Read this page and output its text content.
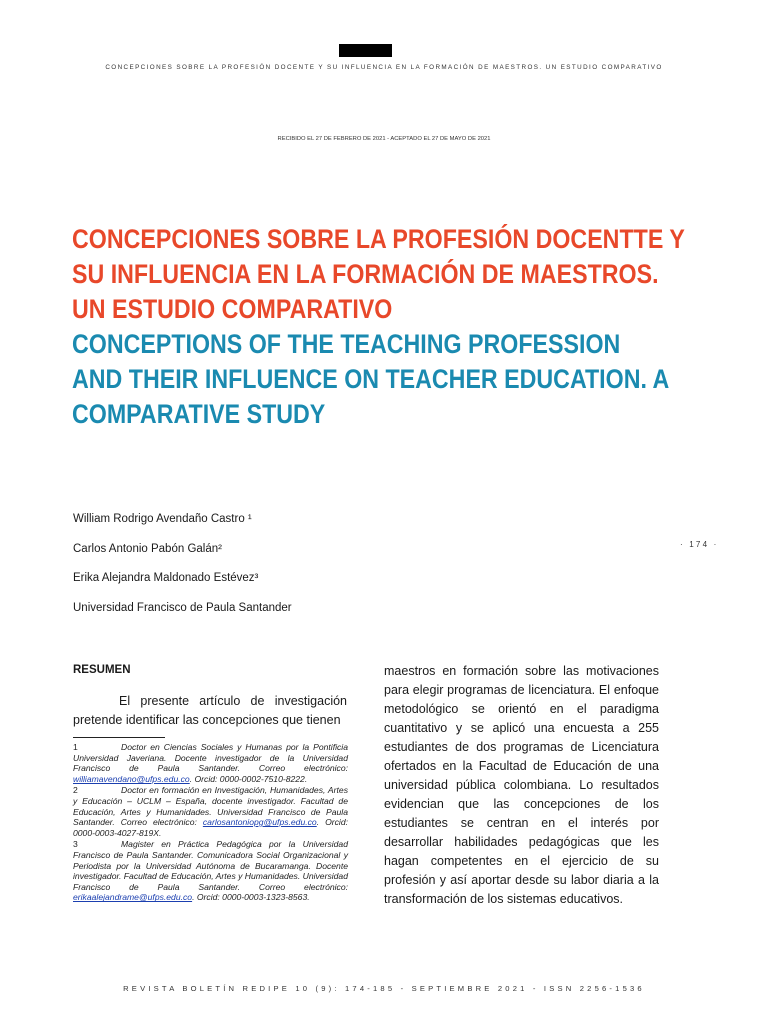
CONCEPCIONES SOBRE LA PROFESIÓN DOCENTE Y SU INFLUENCIA EN LA FORMACIÓN DE MAESTROS. UN ESTUDIO COMPARATIVO
RECIBIDO EL 27 DE FEBRERO DE 2021 - ACEPTADO EL 27 DE MAYO DE 2021
CONCEPCIONES SOBRE LA PROFESIÓN DOCENTTE Y
SU INFLUENCIA EN LA FORMACIÓN DE MAESTROS.
UN ESTUDIO COMPARATIVO
CONCEPTIONS OF THE TEACHING PROFESSION
AND THEIR INFLUENCE ON TEACHER EDUCATION. A
COMPARATIVE STUDY
William Rodrigo Avendaño Castro ¹
Carlos Antonio Pabón Galán²
Erika Alejandra Maldonado Estévez³
Universidad Francisco de Paula Santander
· 174 ·
RESUMEN
El presente artículo de investigación pretende identificar las concepciones que tienen
1	Doctor en Ciencias Sociales y Humanas por la Pontificia Universidad Javeriana. Docente investigador de la Universidad Francisco de Paula Santander. Correo electrónico: williamavendano@ufps.edu.co. Orcid: 0000-0002-7510-8222.
2	Doctor en formación en Investigación, Humanidades, Artes y Educación – UCLM – España, docente investigador. Facultad de Educación, Artes y Humanidades. Universidad Francisco de Paula Santander. Correo electrónico: carlosantoniopg@ufps.edu.co. Orcid: 0000-0003-4027-819X.
3	Magister en Práctica Pedagógica por la Universidad Francisco de Paula Santander. Comunicadora Social Organizacional y Periodista por la Universidad Autónoma de Bucaramanga. Docente investigador. Facultad de Educación, Artes y Humanidades. Universidad Francisco de Paula Santander. Correo electrónico: erikaalejandrame@ufps.edu.co. Orcid: 0000-0003-1323-8563.
maestros en formación sobre las motivaciones para elegir programas de licenciatura. El enfoque metodológico se orientó en el paradigma cuantitativo y se aplicó una encuesta a 255 estudiantes de dos programas de Licenciatura ofertados en la Facultad de Educación de una universidad pública colombiana. Lo resultados evidencian que las concepciones de los estudiantes se centran en el interés por desarrollar habilidades pedagógicas que les hagan competentes en el ejercicio de su profesión y así aportar desde su labor diaria a la transformación de los sistemas educativos.
REVISTA BOLETÍN REDIPE 10 (9): 174-185 - SEPTIEMBRE 2021 - ISSN 2256-1536
